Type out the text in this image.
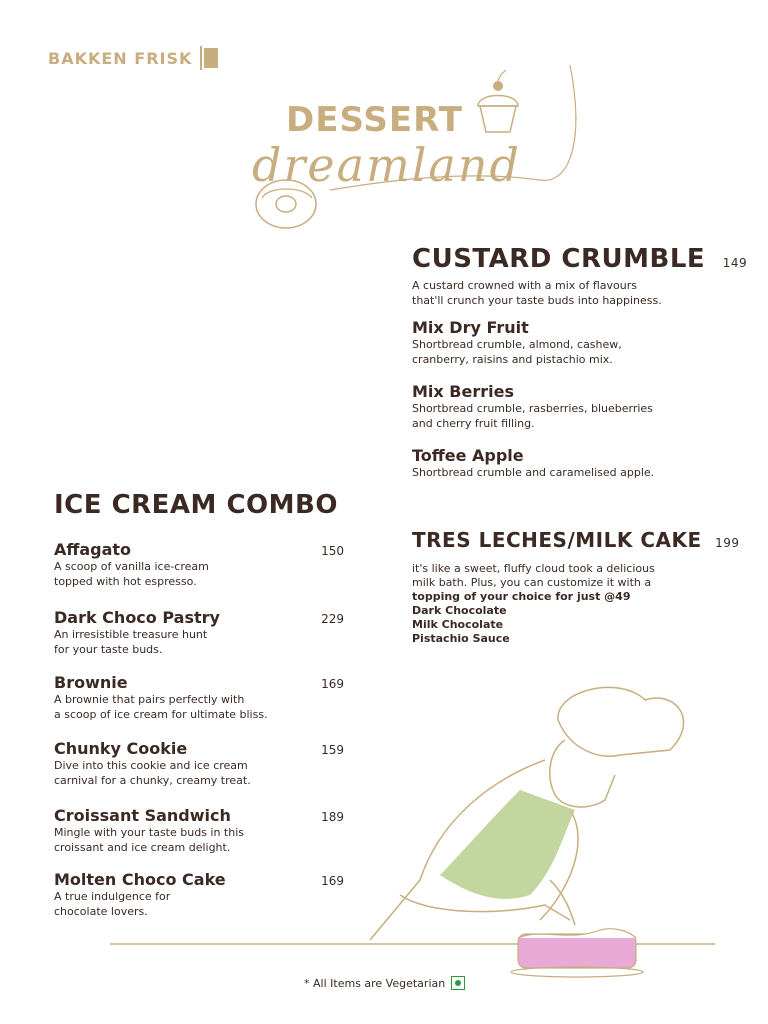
BAKKEN FRISK
DESSERT
dreamland
CUSTARD CRUMBLE 149
A custard crowned with a mix of flavours
that'll crunch your taste buds into happiness.
Mix Dry Fruit
Shortbread crumble, almond, cashew,
cranberry, raisins and pistachio mix.
Mix Berries
Shortbread crumble, rasberries, blueberries
and cherry fruit filling.
Toffee Apple
Shortbread crumble and caramelised apple.
ICE CREAM COMBO
Affagato	150
A scoop of vanilla ice-cream
topped with hot espresso.
Dark Choco Pastry	229
An irresistible treasure hunt
for your taste buds.
Brownie	169
A brownie that pairs perfectly with
a scoop of ice cream for ultimate bliss.
Chunky Cookie	159
Dive into this cookie and ice cream
carnival for a chunky, creamy treat.
Croissant Sandwich	189
Mingle with your taste buds in this
croissant and ice cream delight.
Molten Choco Cake	169
A true indulgence for
chocolate lovers.
TRES LECHES/MILK CAKE 199
it's like a sweet, fluffy cloud took a delicious
milk bath. Plus, you can customize it with a
topping of your choice for just @49
Dark Chocolate
Milk Chocolate
Pistachio Sauce
* All Items are Vegetarian
